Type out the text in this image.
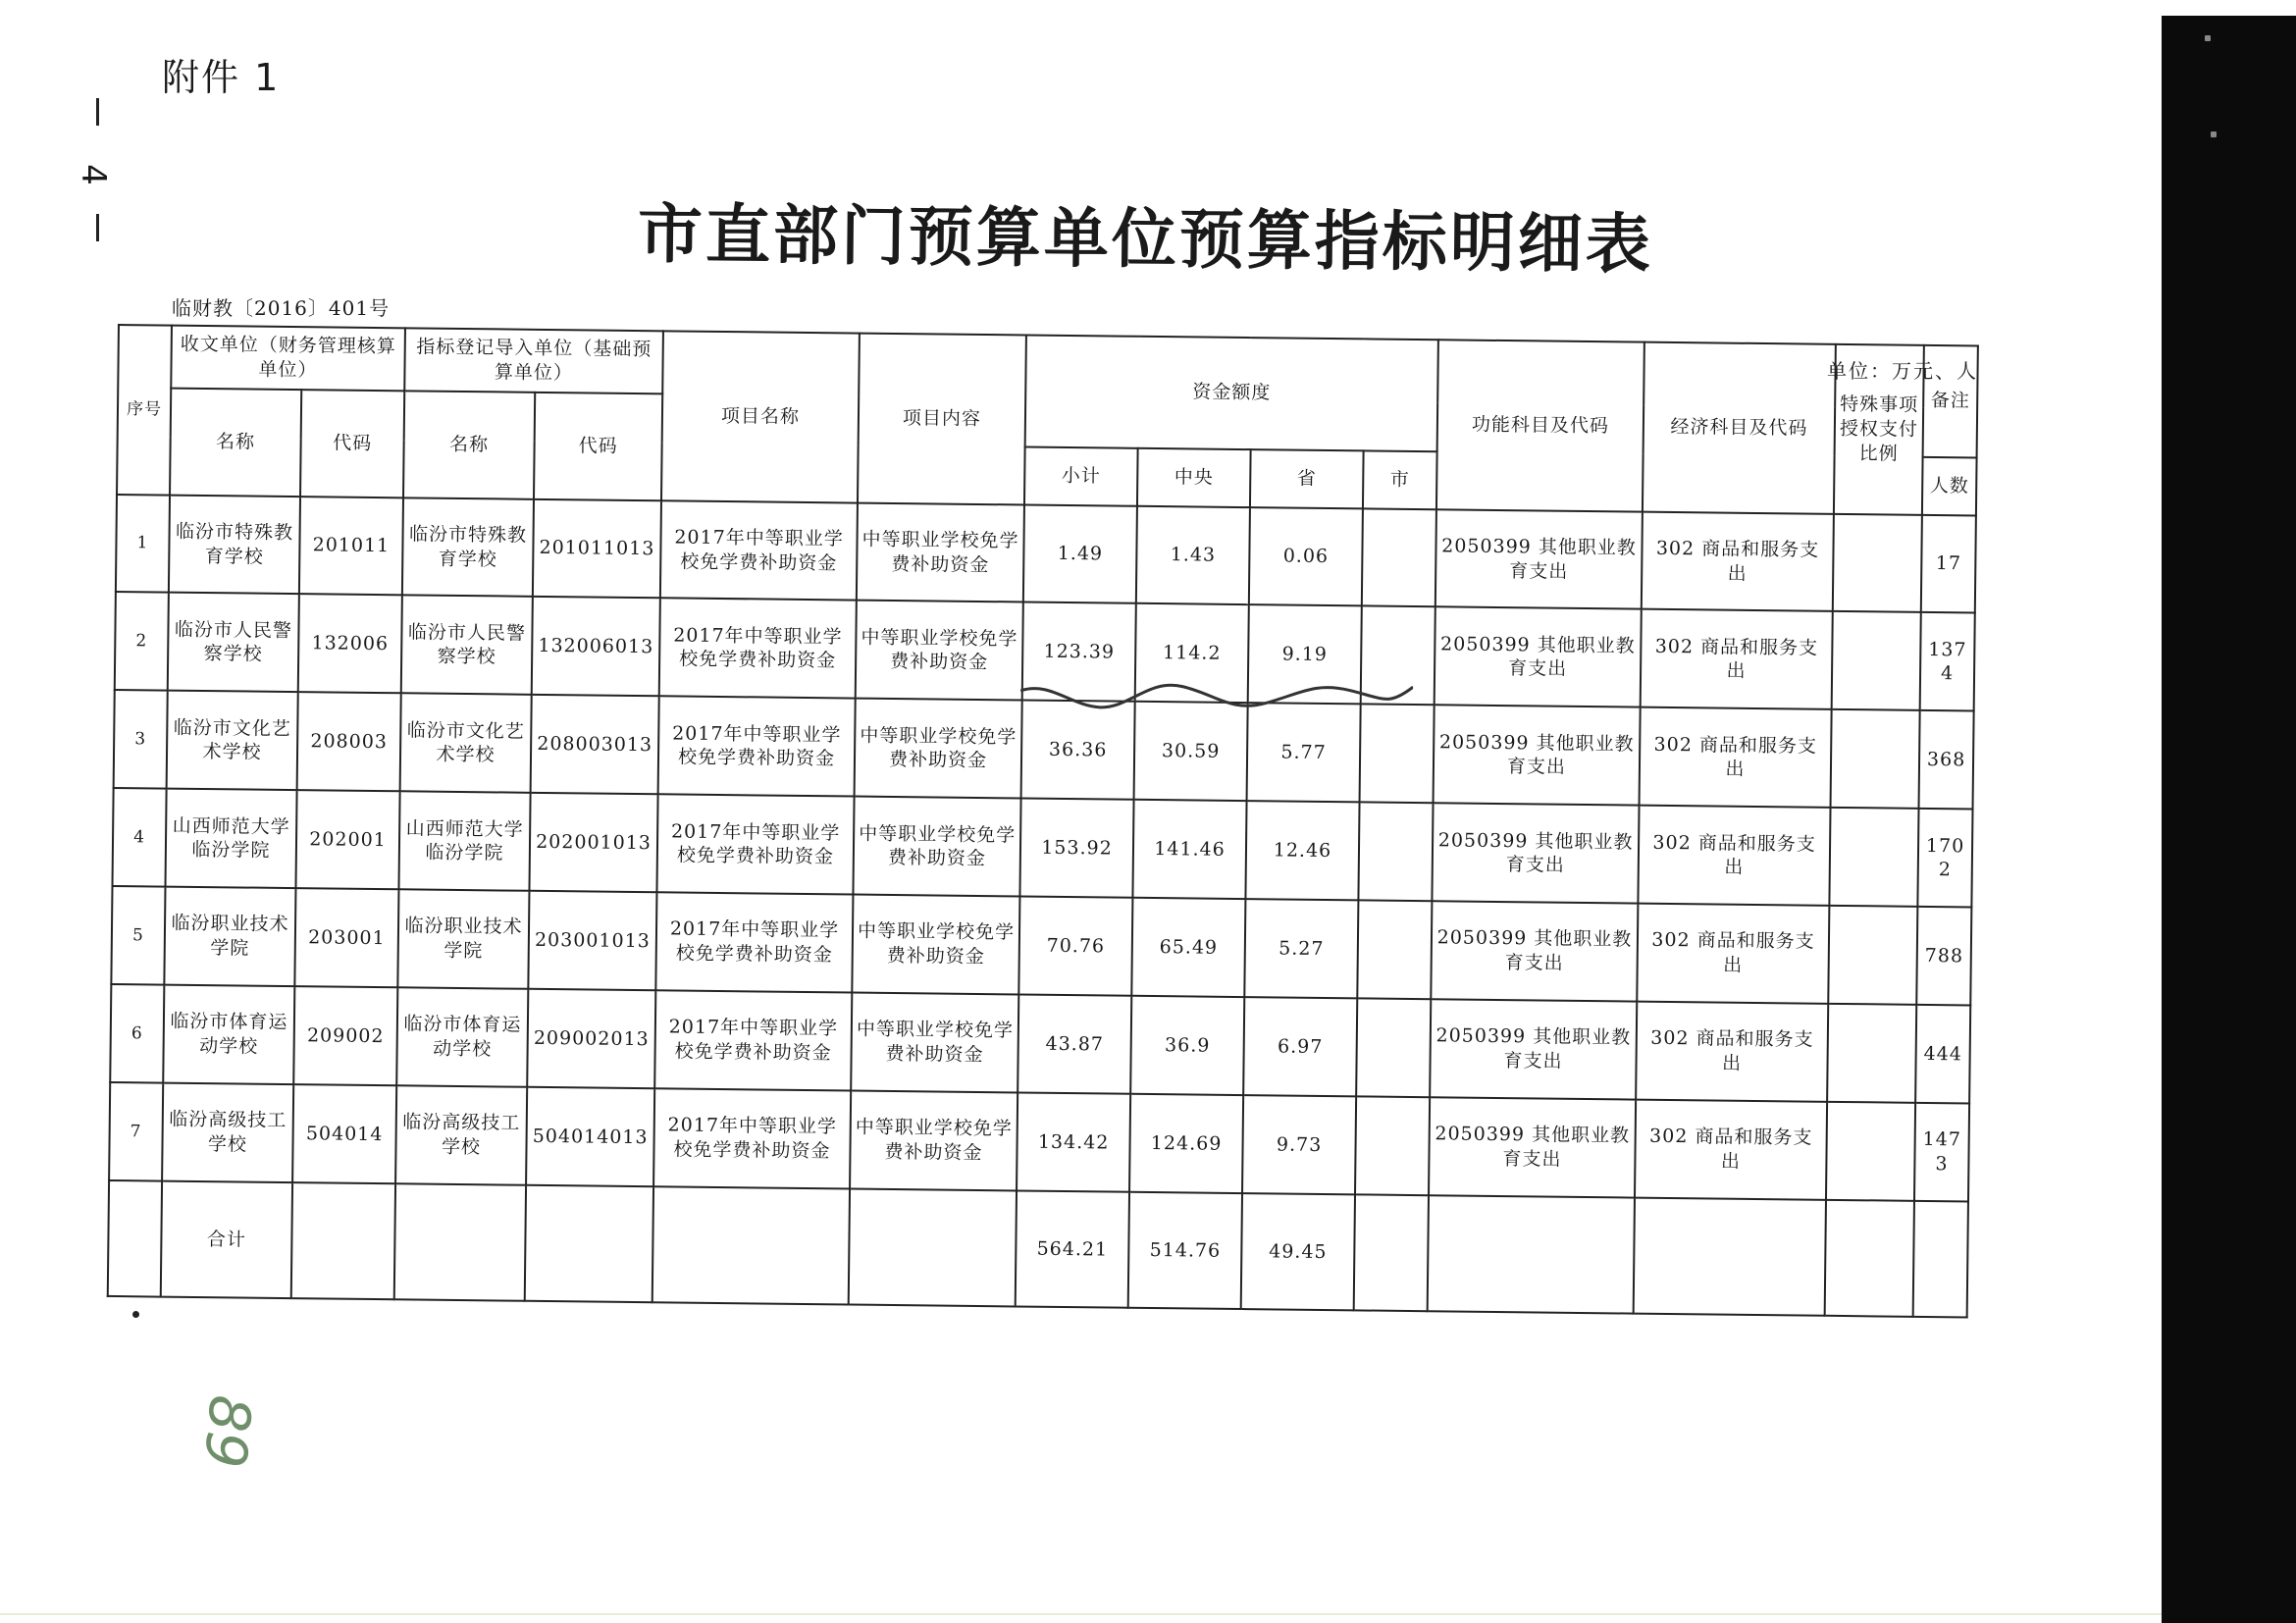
附件 1
4
市直部门预算单位预算指标明细表
临财教〔2016〕401号
单位：万元、人
序号	收文单位（财务管理核算单位）		指标登记导入单位（基础预算单位）		项目名称	项目内容	资金额度				功能科目及代码	经济科目及代码	特殊事项授权支付比例	备注
	名称	代码	名称	代码										
							小计	中央	省	市				人数
1	临汾市特殊教育学校	201011	临汾市特殊教育学校	201011013	2017年中等职业学校免学费补助资金	中等职业学校免学费补助资金	1.49	1.43	0.06		2050399 其他职业教育支出	302 商品和服务支出		17
2	临汾市人民警察学校	132006	临汾市人民警察学校	132006013	2017年中等职业学校免学费补助资金	中等职业学校免学费补助资金	123.39	114.2	9.19		2050399 其他职业教育支出	302 商品和服务支出		1374
3	临汾市文化艺术学校	208003	临汾市文化艺术学校	208003013	2017年中等职业学校免学费补助资金	中等职业学校免学费补助资金	36.36	30.59	5.77		2050399 其他职业教育支出	302 商品和服务支出		368
4	山西师范大学临汾学院	202001	山西师范大学临汾学院	202001013	2017年中等职业学校免学费补助资金	中等职业学校免学费补助资金	153.92	141.46	12.46		2050399 其他职业教育支出	302 商品和服务支出		1702
5	临汾职业技术学院	203001	临汾职业技术学院	203001013	2017年中等职业学校免学费补助资金	中等职业学校免学费补助资金	70.76	65.49	5.27		2050399 其他职业教育支出	302 商品和服务支出		788
6	临汾市体育运动学校	209002	临汾市体育运动学校	209002013	2017年中等职业学校免学费补助资金	中等职业学校免学费补助资金	43.87	36.9	6.97		2050399 其他职业教育支出	302 商品和服务支出		444
7	临汾高级技工学校	504014	临汾高级技工学校	504014013	2017年中等职业学校免学费补助资金	中等职业学校免学费补助资金	134.42	124.69	9.73		2050399 其他职业教育支出	302 商品和服务支出		1473
	合计						564.21	514.76	49.45					
89
